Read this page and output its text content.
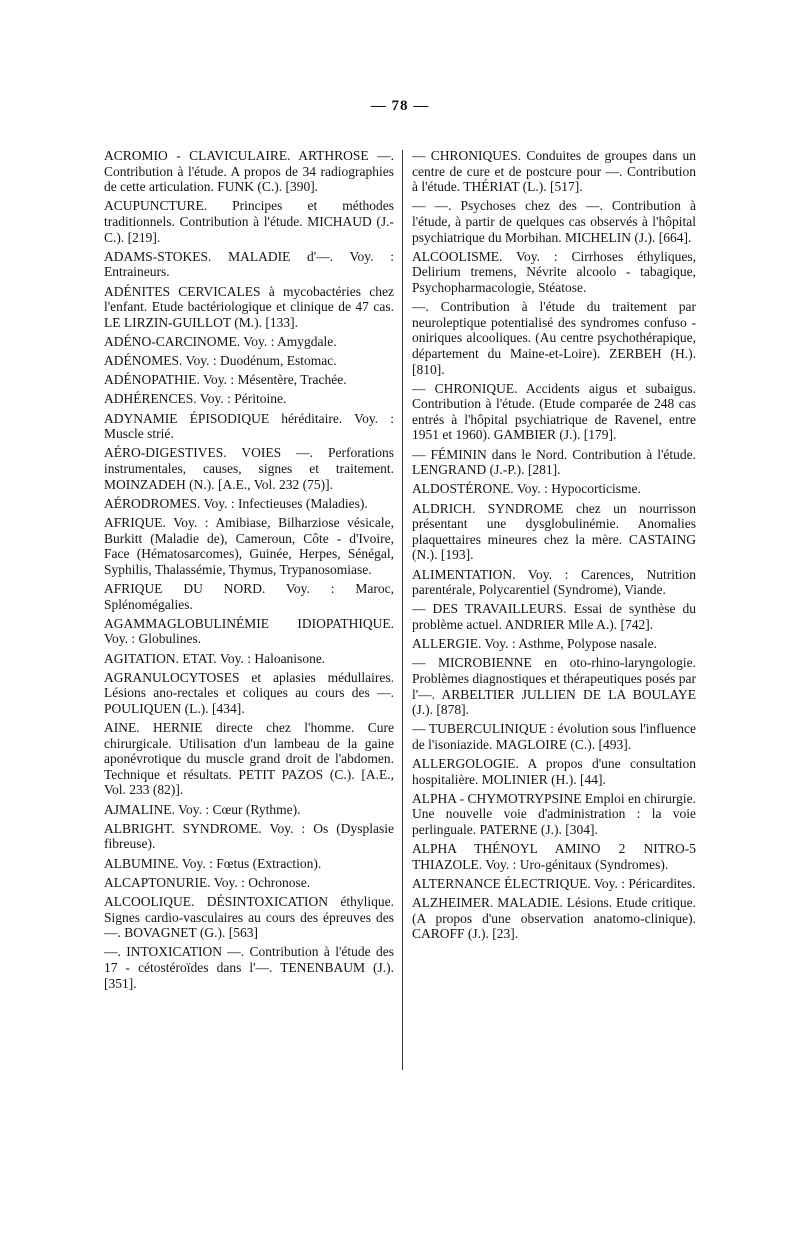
— 78 —

ACROMIO - CLAVICULAIRE. ARTHROSE —. Contribution à l'étude. A propos de 34 radiographies de cette articulation. FUNK (C.). [390].

ACUPUNCTURE. Principes et méthodes traditionnels. Contribution à l'étude. MICHAUD (J.-C.). [219].

ADAMS-STOKES. MALADIE d'—. Voy. : Entraineurs.

ADÉNITES CERVICALES à mycobactéries chez l'enfant. Etude bactériologique et clinique de 47 cas. LE LIRZIN-GUILLOT (M.). [133].

ADÉNO-CARCINOME. Voy. : Amygdale.

ADÉNOMES. Voy. : Duodénum, Estomac.

ADÉNOPATHIE. Voy. : Mésentère, Trachée.

ADHÉRENCES. Voy. : Péritoine.

ADYNAMIE ÉPISODIQUE héréditaire. Voy. : Muscle strié.

AÉRO-DIGESTIVES. VOIES —. Perforations instrumentales, causes, signes et traitement. MOINZADEH (N.). [A.E., Vol. 232 (75)].

AÉRODROMES. Voy. : Infectieuses (Maladies).

AFRIQUE. Voy. : Amibiase, Bilharziose vésicale, Burkitt (Maladie de), Cameroun, Côte - d'Ivoire, Face (Hématosarcomes), Guinée, Herpes, Sénégal, Syphilis, Thalassémie, Thymus, Trypanosomiase.

AFRIQUE DU NORD. Voy. : Maroc, Splénomégalies.

AGAMMAGLOBULINÉMIE IDIOPATHIQUE. Voy. : Globulines.

AGITATION. ETAT. Voy. : Haloanisone.

AGRANULOCYTOSES et aplasies médullaires. Lésions ano-rectales et coliques au cours des —. POULIQUEN (L.). [434].

AINE. HERNIE directe chez l'homme. Cure chirurgicale. Utilisation d'un lambeau de la gaine aponévrotique du muscle grand droit de l'abdomen. Technique et résultats. PETIT PAZOS (C.). [A.E., Vol. 233 (82)].

AJMALINE. Voy. : Cœur (Rythme).

ALBRIGHT. SYNDROME. Voy. : Os (Dysplasie fibreuse).

ALBUMINE. Voy. : Fœtus (Extraction).

ALCAPTONURIE. Voy. : Ochronose.

ALCOOLIQUE. DÉSINTOXICATION éthylique. Signes cardio-vasculaires au cours des épreuves des —. BOVAGNET (G.). [563]

—. INTOXICATION —. Contribution à l'étude des 17 - cétostéroïdes dans l'—. TENENBAUM (J.). [351].

— CHRONIQUES. Conduites de groupes dans un centre de cure et de postcure pour —. Contribution à l'étude. THÉRIAT (L.). [517].

— —. Psychoses chez des —. Contribution à l'étude, à partir de quelques cas observés à l'hôpital psychiatrique du Morbihan. MICHELIN (J.). [664].

ALCOOLISME. Voy. : Cirrhoses éthyliques, Delirium tremens, Névrite alcoolo - tabagique, Psychopharmacologie, Stéatose.

—. Contribution à l'étude du traitement par neuroleptique potentialisé des syndromes confuso - oniriques alcooliques. (Au centre psychothérapique, département du Maine-et-Loire). ZERBEH (H.). [810].

— CHRONIQUE. Accidents aigus et subaigus. Contribution à l'étude. (Etude comparée de 248 cas entrés à l'hôpital psychiatrique de Ravenel, entre 1951 et 1960). GAMBIER (J.). [179].

— FÉMININ dans le Nord. Contribution à l'étude. LENGRAND (J.-P.). [281].

ALDOSTÉRONE. Voy. : Hypocorticisme.

ALDRICH. SYNDROME chez un nourrisson présentant une dysglobulinémie. Anomalies plaquettaires mineures chez la mère. CASTAING (N.). [193].

ALIMENTATION. Voy. : Carences, Nutrition parentérale, Polycarentiel (Syndrome), Viande.

— DES TRAVAILLEURS. Essai de synthèse du problème actuel. ANDRIER Mlle A.). [742].

ALLERGIE. Voy. : Asthme, Polypose nasale.

— MICROBIENNE en oto-rhino-laryngologie. Problèmes diagnostiques et thérapeutiques posés par l'—. ARBELTIER JULLIEN DE LA BOULAYE (J.). [878].

— TUBERCULINIQUE : évolution sous l'influence de l'isoniazide. MAGLOIRE (C.). [493].

ALLERGOLOGIE. A propos d'une consultation hospitalière. MOLINIER (H.). [44].

ALPHA - CHYMOTRYPSINE Emploi en chirurgie. Une nouvelle voie d'administration : la voie perlinguale. PATERNE (J.). [304].

ALPHA THÉNOYL AMINO 2 NITRO-5 THIAZOLE. Voy. : Uro-génitaux (Syndromes).

ALTERNANCE ÉLECTRIQUE. Voy. : Péricardites.

ALZHEIMER. MALADIE. Lésions. Etude critique. (A propos d'une observation anatomo-clinique). CAROFF (J.). [23].
